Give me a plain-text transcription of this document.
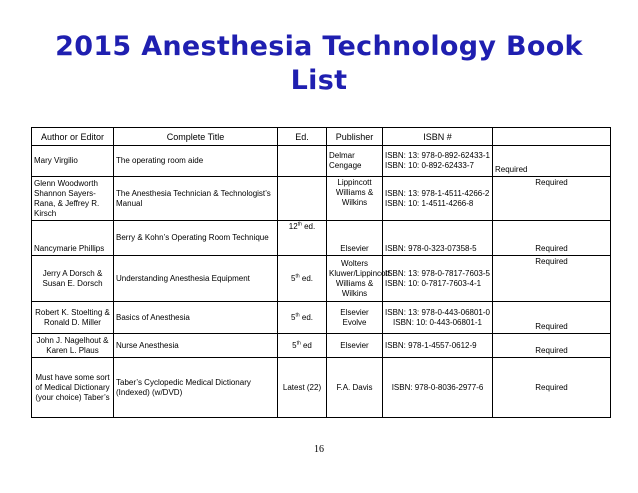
2015 Anesthesia Technology Book
List
Author or Editor	Complete Title	Ed.	Publisher	ISBN #	
Mary Virgilio	The operating room aide		Delmar Cengage	ISBN: 13: 978-0-892-62433-1 ISBN: 10: 0-892-62433-7	Required
Glenn Woodworth Shannon Sayers-Rana, & Jeffrey R. Kirsch	The Anesthesia Technician & Technologist’s Manual		Lippincott Williams & Wilkins	ISBN: 13: 978-1-4511-4266-2 ISBN: 10: 1-4511-4266-8	Required
Nancymarie Phillips	Berry & Kohn’s Operating Room Technique	12th ed.	Elsevier	ISBN: 978-0-323-07358-5	Required
Jerry A Dorsch & Susan E. Dorsch	Understanding Anesthesia Equipment	5th ed.	Wolters Kluwer/Lippincott Williams & Wilkins	ISBN: 13: 978-0-7817-7603-5 ISBN: 10: 0-7817-7603-4-1	Required
Robert K. Stoelting & Ronald D. Miller	Basics of Anesthesia	5th ed.	Elsevier Evolve	ISBN: 13: 978-0-443-06801-0 ISBN: 10: 0-443-06801-1	Required
John J. Nagelhout & Karen L. Plaus	Nurse Anesthesia	5th ed	Elsevier	ISBN: 978-1-4557-0612-9	Required
Must have some sort of Medical Dictionary (your choice) Taber’s	Taber’s Cyclopedic Medical Dictionary (Indexed) (w/DVD)	Latest (22)	F.A. Davis	ISBN: 978-0-8036-2977-6	Required
16
